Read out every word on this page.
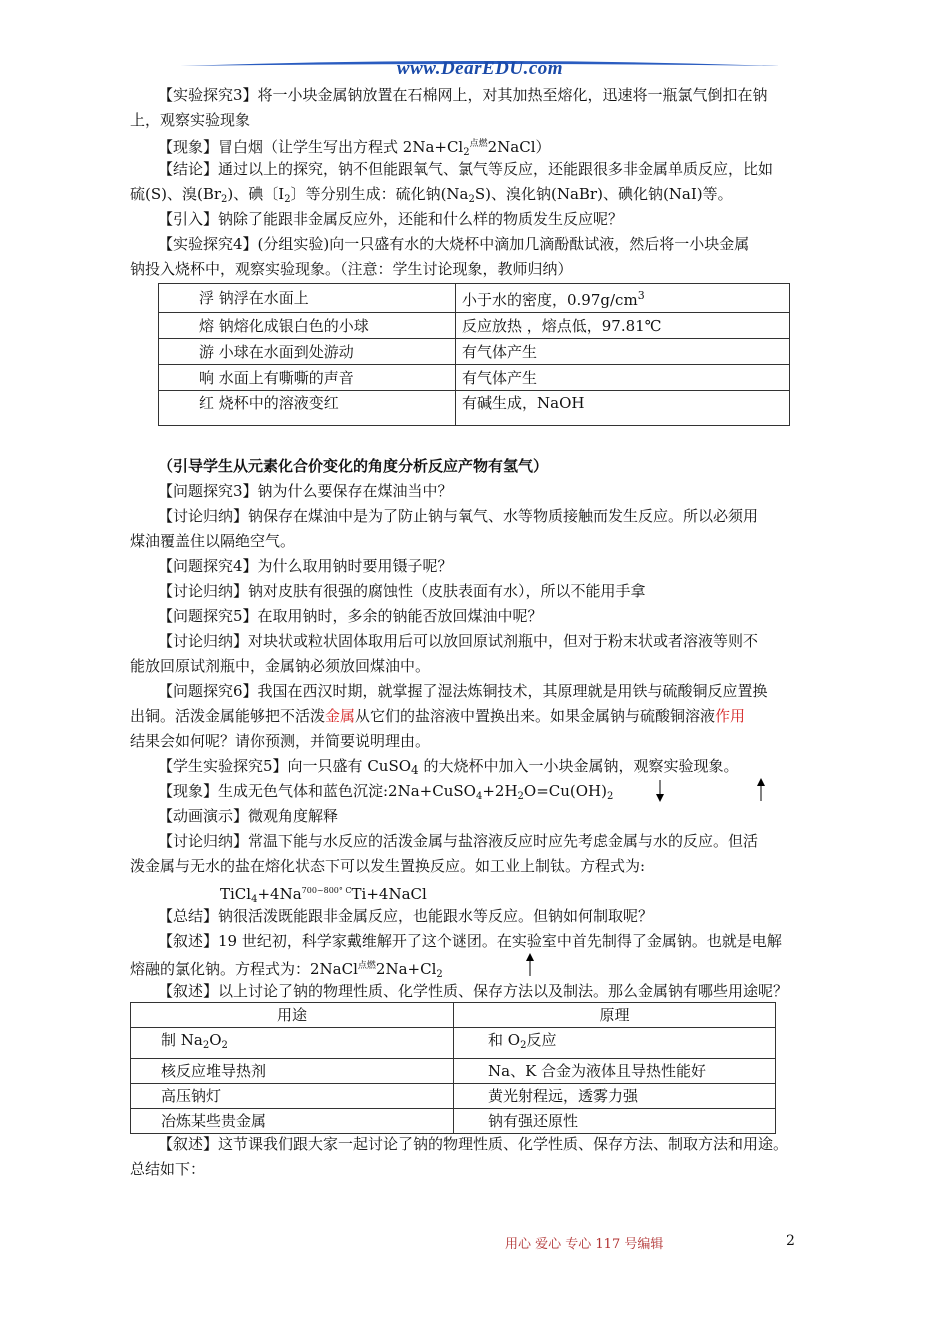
www.DearEDU.com
【实验探究3】将一小块金属钠放置在石棉网上，对其加热至熔化，迅速将一瓶氯气倒扣在钠
上，观察实验现象
【现象】冒白烟（让学生写出方程式 $2Na+Cl_2^{点燃}2NaCl$）
【结论】通过以上的探究，钠不但能跟氧气、氯气等反应，还能跟很多非金属单质反应，比如
硫(S)、溴$(Br_2)$、碘〔$I_2$〕等分别生成：硫化钠$(Na_2S)$、溴化钠(NaBr)、碘化钠(NaI)等。
【引入】钠除了能跟非金属反应外，还能和什么样的物质发生反应呢？
【实验探究4】(分组实验)向一只盛有水的大烧杯中滴加几滴酚酞试液，然后将一小块金属
钠投入烧杯中，观察实验现象。（注意：学生讨论现象，教师归纳）
浮 钠浮在水面上	小于水的密度，$0.97g/cm^3$
熔 钠熔化成银白色的小球	反应放热 ，熔点低，97.81℃
游 小球在水面到处游动	有气体产生
响 水面上有嘶嘶的声音	有气体产生
红 烧杯中的溶液变红	有碱生成，NaOH
（引导学生从元素化合价变化的角度分析反应产物有氢气）
【问题探究3】钠为什么要保存在煤油当中？
【讨论归纳】钠保存在煤油中是为了防止钠与氧气、水等物质接触而发生反应。所以必须用
煤油覆盖住以隔绝空气。
【问题探究4】为什么取用钠时要用镊子呢？
【讨论归纳】钠对皮肤有很强的腐蚀性（皮肤表面有水），所以不能用手拿
【问题探究5】在取用钠时，多余的钠能否放回煤油中呢？
【讨论归纳】对块状或粒状固体取用后可以放回原试剂瓶中，但对于粉末状或者溶液等则不
能放回原试剂瓶中，金属钠必须放回煤油中。
【问题探究6】我国在西汉时期，就掌握了湿法炼铜技术，其原理就是用铁与硫酸铜反应置换
出铜。活泼金属能够把不活泼金属从它们的盐溶液中置换出来。如果金属钠与硫酸铜溶液作用
结果会如何呢？请你预测，并简要说明理由。
【学生实验探究5】向一只盛有 CuSO$_4$ 的大烧杯中加入一小块金属钠，观察实验现象。
【现象】生成无色气体和蓝色沉淀$:2Na+CuSO_4+2H_2O=Cu(OH)_2$
【动画演示】微观角度解释
【讨论归纳】常温下能与水反应的活泼金属与盐溶液反应时应先考虑金属与水的反应。但活
泼金属与无水的盐在熔化状态下可以发生置换反应。如工业上制钛。方程式为:
$TiCl_4+4Na^{700\sim 800^\circ C}Ti+4NaCl$
【总结】钠很活泼既能跟非金属反应，也能跟水等反应。但钠如何制取呢？
【叙述】19 世纪初，科学家戴维解开了这个谜团。在实验室中首先制得了金属钠。也就是电解
熔融的氯化钠。方程式为：$2NaCl^{点燃}2Na+Cl_2$
【叙述】以上讨论了钠的物理性质、化学性质、保存方法以及制法。那么金属钠有哪些用途呢？
用途	原理
制 $Na_2O_2$	和 $O_2$反应
核反应堆导热剂	Na、K 合金为液体且导热性能好
高压钠灯	黄光射程远，透雾力强
冶炼某些贵金属	钠有强还原性
【叙述】这节课我们跟大家一起讨论了钠的物理性质、化学性质、保存方法、制取方法和用途。
总结如下：
用心 爱心 专心 117 号编辑	2
